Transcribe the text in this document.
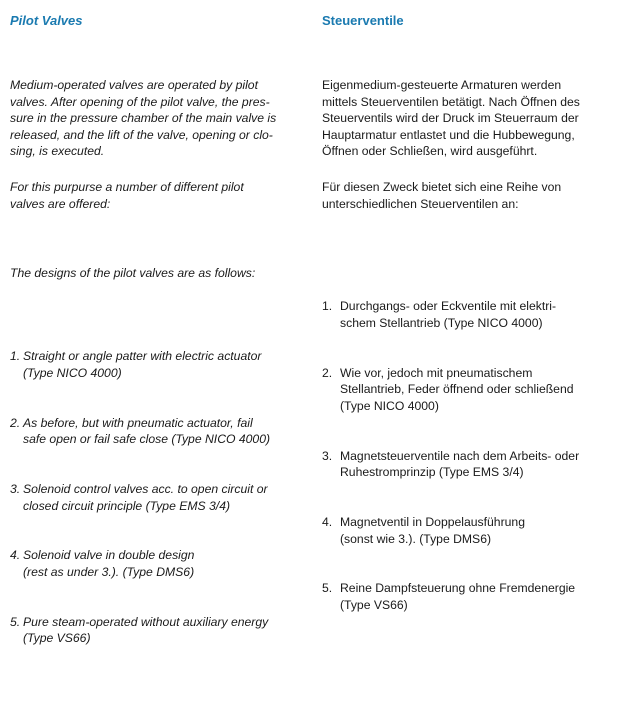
Pilot Valves
Medium-operated valves are operated by pilot
valves. After opening of the pilot valve, the pres-
sure in the pressure chamber of the main valve is
released, and the lift of the valve, opening or clo-
sing, is executed.
For this purpurse a number of different pilot
valves are offered:

The designs of the pilot valves are as follows:

1. Straight or angle patter with electric actuator
(Type NICO 4000)

2. As before, but with pneumatic actuator, fail
safe open or fail safe close (Type NICO 4000)

3. Solenoid control valves acc. to open circuit or
closed circuit principle (Type EMS 3/4)

4. Solenoid valve in double design
(rest as under 3.). (Type DMS6)

5. Pure steam-operated without auxiliary energy
(Type VS66)

Steuerventile
Eigenmedium-gesteuerte Armaturen werden
mittels Steuerventilen betätigt. Nach Öffnen des
Steuerventils wird der Druck im Steuerraum der
Hauptarmatur entlastet und die Hubbewegung,
Öffnen oder Schließen, wird ausgeführt.
Für diesen Zweck bietet sich eine Reihe von
unterschiedlichen Steuerventilen an:

1. Durchgangs- oder Eckventile mit elektri-
schem Stellantrieb (Type NICO 4000)

2. Wie vor, jedoch mit pneumatischem
Stellantrieb, Feder öffnend oder schließend
(Type NICO 4000)

3. Magnetsteuerventile nach dem Arbeits- oder
Ruhestromprinzip (Type EMS 3/4)

4. Magnetventil in Doppelausführung
(sonst wie 3.). (Type DMS6)

5. Reine Dampfsteuerung ohne Fremdenergie
(Type VS66)
